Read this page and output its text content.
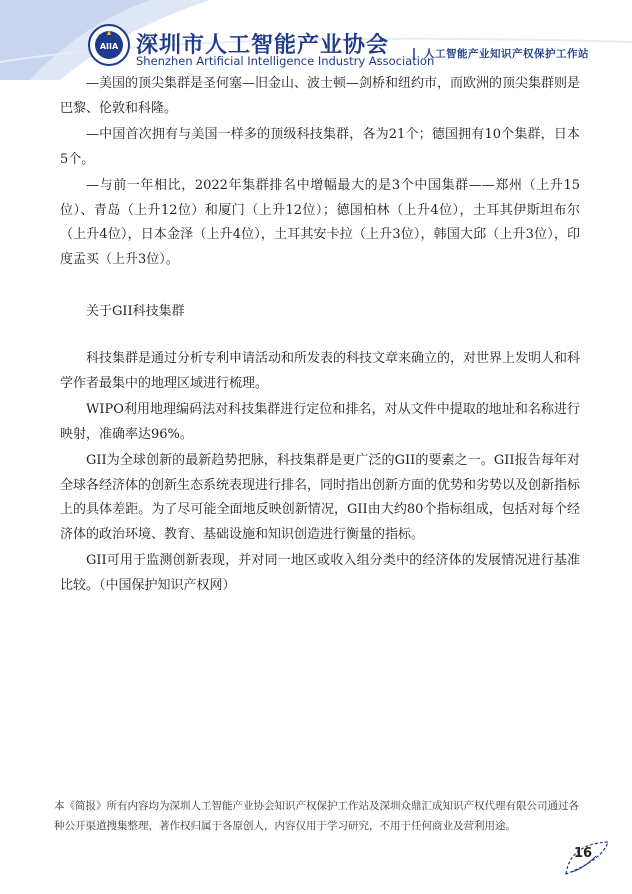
AIIA 深圳市人工智能产业协会
Shenzhen Artificial Intelligence Industry Association
人工智能产业知识产权保护工作站

—美国的顶尖集群是圣何塞—旧金山、波士顿—剑桥和纽约市，而欧洲的顶尖集群则是巴黎、伦敦和科隆。

—中国首次拥有与美国一样多的顶级科技集群，各为21个；德国拥有10个集群，日本5个。

—与前一年相比，2022年集群排名中增幅最大的是3个中国集群——郑州（上升15位）、青岛（上升12位）和厦门（上升12位）；德国柏林（上升4位），土耳其伊斯坦布尔（上升4位），日本金泽（上升4位），土耳其安卡拉（上升3位），韩国大邱（上升3位），印度孟买（上升3位）。

关于GII科技集群

科技集群是通过分析专利申请活动和所发表的科技文章来确立的，对世界上发明人和科学作者最集中的地理区域进行梳理。

WIPO利用地理编码法对科技集群进行定位和排名，对从文件中提取的地址和名称进行映射，准确率达96%。

GII为全球创新的最新趋势把脉，科技集群是更广泛的GII的要素之一。GII报告每年对全球各经济体的创新生态系统表现进行排名，同时指出创新方面的优势和劣势以及创新指标上的具体差距。为了尽可能全面地反映创新情况，GII由大约80个指标组成，包括对每个经济体的政治环境、教育、基础设施和知识创造进行衡量的指标。

GII可用于监测创新表现，并对同一地区或收入组分类中的经济体的发展情况进行基准比较。（中国保护知识产权网）

本《简报》所有内容均为深圳人工智能产业协会知识产权保护工作站及深圳众鼎汇成知识产权代理有限公司通过各种公开渠道搜集整理，著作权归属于各原创人，内容仅用于学习研究，不用于任何商业及营利用途。
16
